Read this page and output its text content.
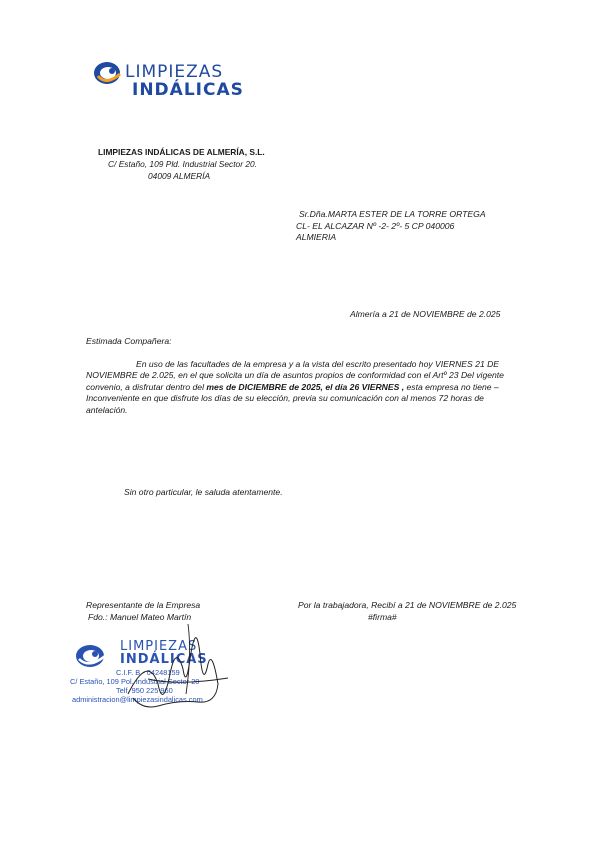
LIMPIEZAS
INDÁLICAS
LIMPIEZAS INDÁLICAS DE ALMERÍA, S.L.
C/ Estaño, 109 Pld. Industrial Sector 20.
04009 ALMERÍA
Sr.Dña.MARTA ESTER DE LA TORRE ORTEGA
CL- EL ALCAZAR Nº -2- 2º- 5 CP 040006
ALMIERIA
Almería a 21 de NOVIEMBRE de 2.025
Estimada Compañera:

En uso de las facultades de la empresa y a la vista del escrito presentado hoy VIERNES 21 DE NOVIEMBRE de 2.025, en el que solicita un día de asuntos propios de conformidad con el Artº 23 Del vigente convenio, a disfrutar dentro del mes de DICIEMBRE de 2025, el día 26 VIERNES , esta empresa no tiene –

Inconveniente en que disfrute los días de su elección, previa su comunicación con al menos 72 horas de antelación.

Sin otro particular, le saluda atentamente.
Representante de la Empresa
Fdo.: Manuel Mateo Martín
Por la trabajadora, Recibí a 21 de NOVIEMBRE de 2.025
#firma#
LIMPIEZAS
INDÁLICAS
C.I.F. B - 04248159
C/ Estaño, 109 Pol. Industrial Sector 20
Telf. 950 225 960
administracion@limpiezasindalicas.com
